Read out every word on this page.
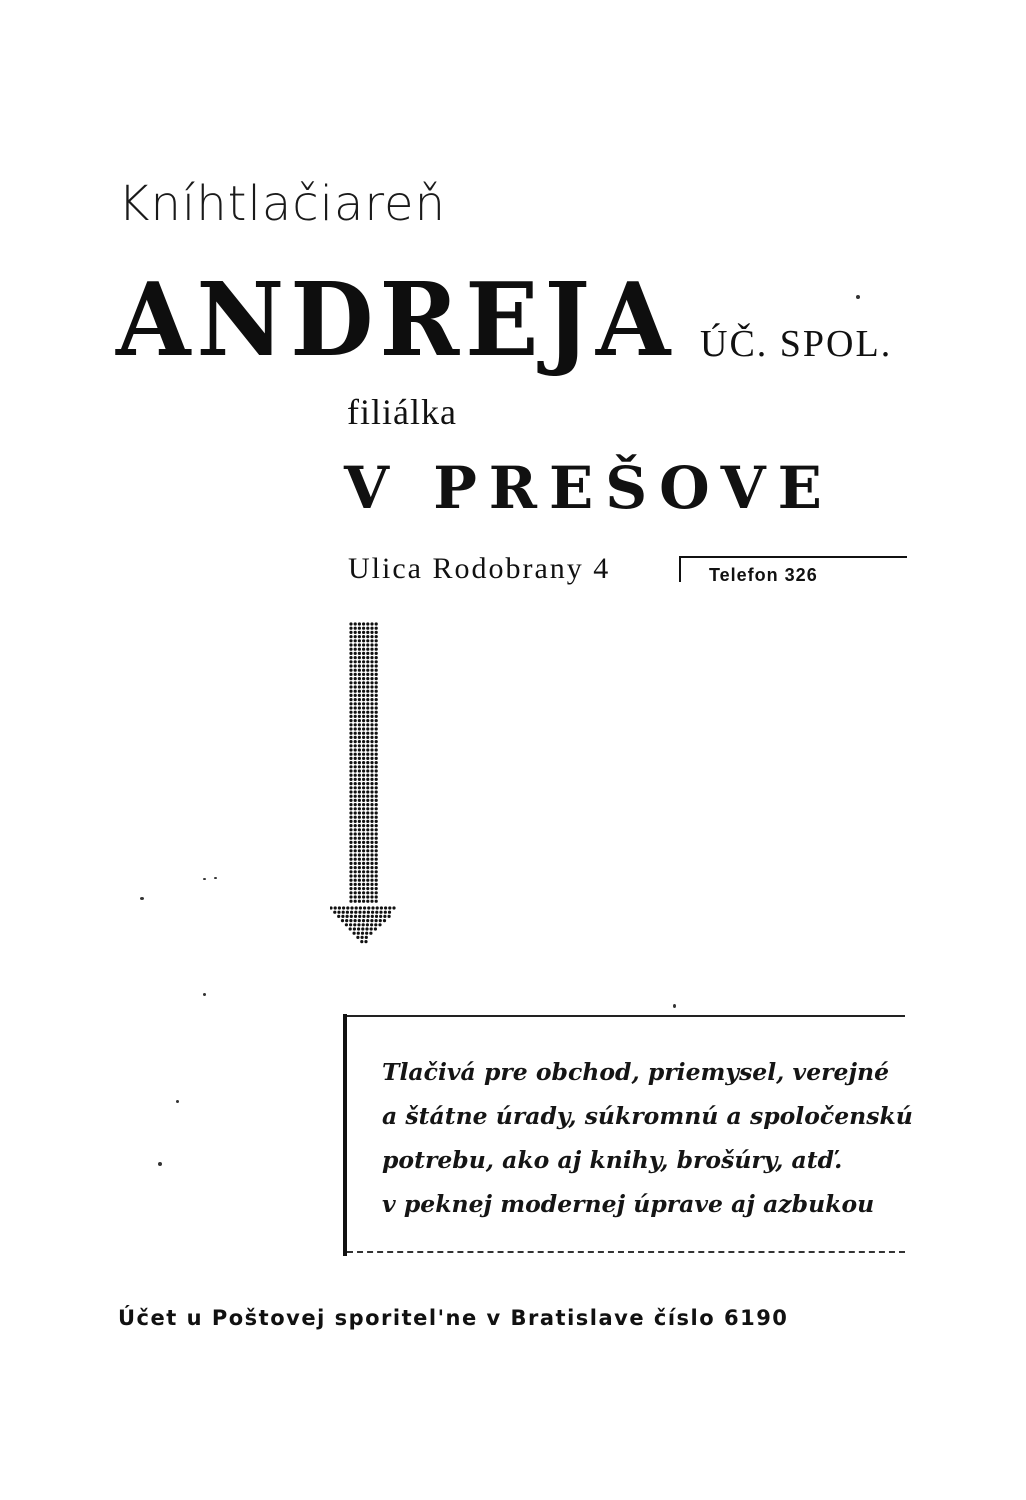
Kníhtlačiareň
ANDREJA ÚČ. SPOL.
filiálka
V PREŠOVE
Ulica Rodobrany 4	Telefon 326
Tlačivá pre obchod, priemysel, verejné
a štátne úrady, súkromnú a spoločenskú
potrebu, ako aj knihy, brošúry, atď.
v peknej modernej úprave aj azbukou
Účet u Poštovej sporitel'ne v Bratislave číslo 6190
